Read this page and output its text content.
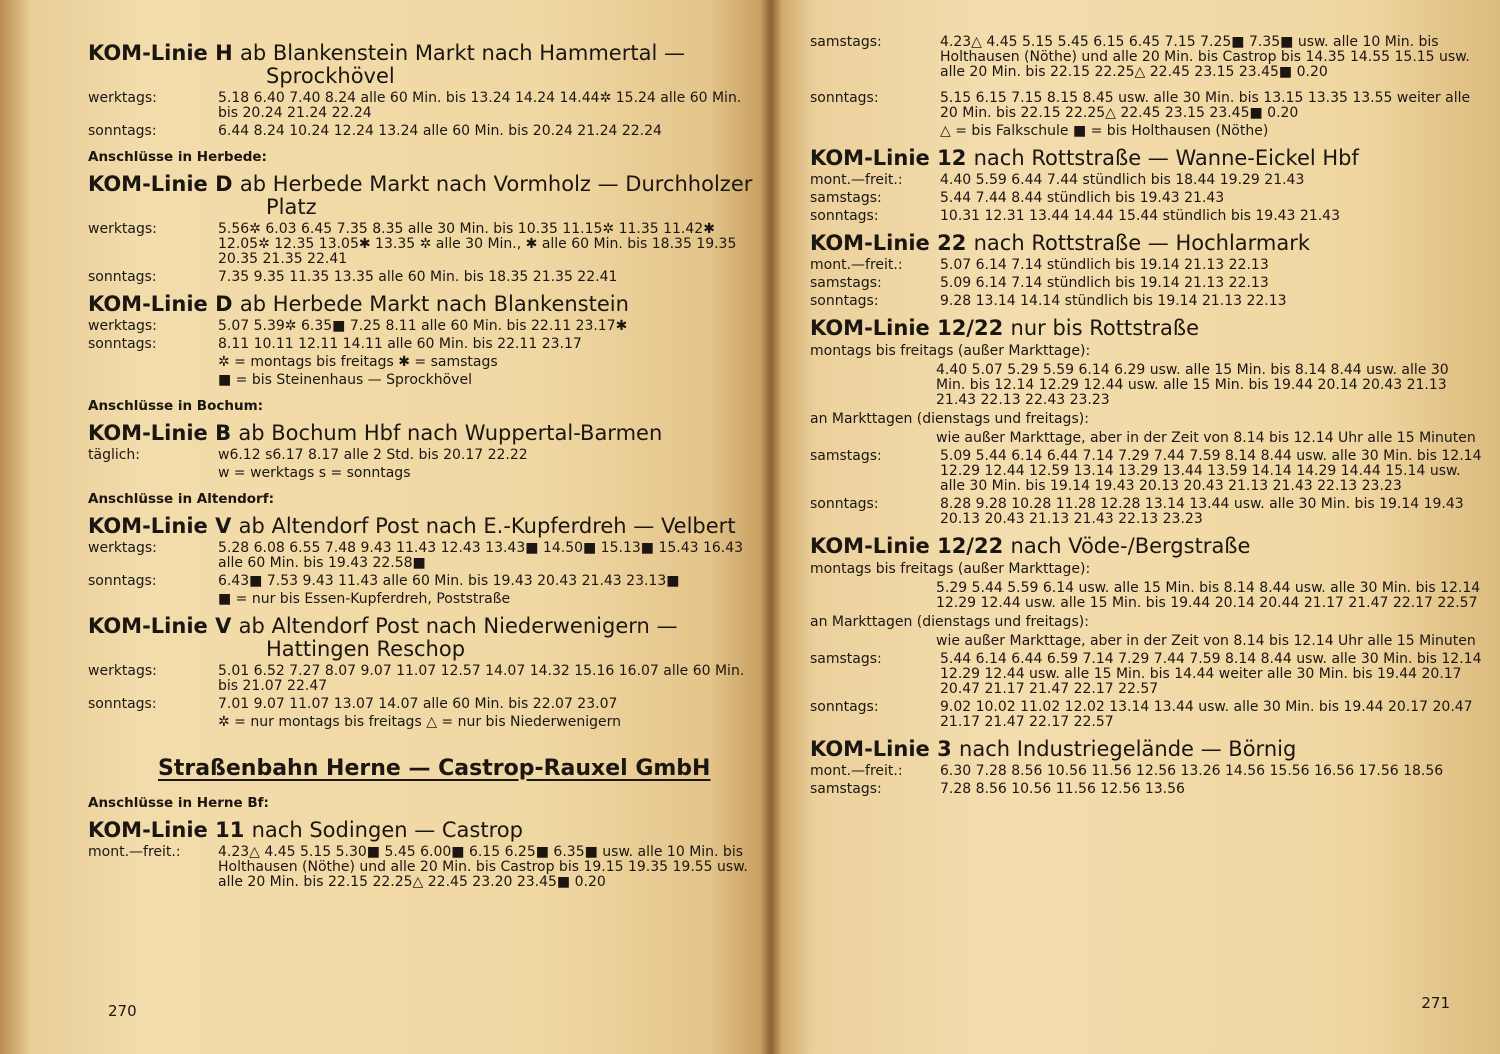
KOM-Linie H ab Blankenstein Markt nach Hammertal —
Sprockhövel
werktags:	5.18 6.40 7.40 8.24 alle 60 Min. bis 13.24 14.24 14.44✲ 15.24 alle 60 Min. bis 20.24 21.24 22.24
sonntags:	6.44 8.24 10.24 12.24 13.24 alle 60 Min. bis 20.24 21.24 22.24
Anschlüsse in Herbede:
KOM-Linie D ab Herbede Markt nach Vormholz — Durchholzer
Platz
werktags:	5.56✲ 6.03 6.45 7.35 8.35 alle 30 Min. bis 10.35 11.15✲ 11.35 11.42✱ 12.05✲ 12.35 13.05✱ 13.35 ✲ alle 30 Min., ✱ alle 60 Min. bis 18.35 19.35 20.35 21.35 22.41
sonntags:	7.35 9.35 11.35 13.35 alle 60 Min. bis 18.35 21.35 22.41
KOM-Linie D ab Herbede Markt nach Blankenstein
werktags:	5.07 5.39✲ 6.35■ 7.25 8.11 alle 60 Min. bis 22.11 23.17✱
sonntags:	8.11 10.11 12.11 14.11 alle 60 Min. bis 22.11 23.17
✲ = montags bis freitags ✱ = samstags
■ = bis Steinenhaus — Sprockhövel
Anschlüsse in Bochum:
KOM-Linie B ab Bochum Hbf nach Wuppertal-Barmen
täglich:	w6.12 s6.17 8.17 alle 2 Std. bis 20.17 22.22
w = werktags s = sonntags
Anschlüsse in Altendorf:
KOM-Linie V ab Altendorf Post nach E.-Kupferdreh — Velbert
werktags:	5.28 6.08 6.55 7.48 9.43 11.43 12.43 13.43■ 14.50■ 15.13■ 15.43 16.43 alle 60 Min. bis 19.43 22.58■
sonntags:	6.43■ 7.53 9.43 11.43 alle 60 Min. bis 19.43 20.43 21.43 23.13■
■ = nur bis Essen-Kupferdreh, Poststraße
KOM-Linie V ab Altendorf Post nach Niederwenigern —
Hattingen Reschop
werktags:	5.01 6.52 7.27 8.07 9.07 11.07 12.57 14.07 14.32 15.16 16.07 alle 60 Min. bis 21.07 22.47
sonntags:	7.01 9.07 11.07 13.07 14.07 alle 60 Min. bis 22.07 23.07
✲ = nur montags bis freitags △ = nur bis Niederwenigern
Straßenbahn Herne — Castrop-Rauxel GmbH
Anschlüsse in Herne Bf:
KOM-Linie 11 nach Sodingen — Castrop
mont.—freit.:	4.23△ 4.45 5.15 5.30■ 5.45 6.00■ 6.15 6.25■ 6.35■ usw. alle 10 Min. bis Holthausen (Nöthe) und alle 20 Min. bis Castrop bis 19.15 19.35 19.55 usw. alle 20 Min. bis 22.15 22.25△ 22.45 23.20 23.45■ 0.20
270
samstags:	4.23△ 4.45 5.15 5.45 6.15 6.45 7.15 7.25■ 7.35■ usw. alle 10 Min. bis Holthausen (Nöthe) und alle 20 Min. bis Castrop bis 14.35 14.55 15.15 usw. alle 20 Min. bis 22.15 22.25△ 22.45 23.15 23.45■ 0.20
sonntags:	5.15 6.15 7.15 8.15 8.45 usw. alle 30 Min. bis 13.15 13.35 13.55 weiter alle 20 Min. bis 22.15 22.25△ 22.45 23.15 23.45■ 0.20
△ = bis Falkschule ■ = bis Holthausen (Nöthe)
KOM-Linie 12 nach Rottstraße — Wanne-Eickel Hbf
mont.—freit.:	4.40 5.59 6.44 7.44 stündlich bis 18.44 19.29 21.43
samstags:	5.44 7.44 8.44 stündlich bis 19.43 21.43
sonntags:	10.31 12.31 13.44 14.44 15.44 stündlich bis 19.43 21.43
KOM-Linie 22 nach Rottstraße — Hochlarmark
mont.—freit.:	5.07 6.14 7.14 stündlich bis 19.14 21.13 22.13
samstags:	5.09 6.14 7.14 stündlich bis 19.14 21.13 22.13
sonntags:	9.28 13.14 14.14 stündlich bis 19.14 21.13 22.13
KOM-Linie 12/22 nur bis Rottstraße
montags bis freitags (außer Markttage):
4.40 5.07 5.29 5.59 6.14 6.29 usw. alle 15 Min. bis 8.14 8.44 usw. alle 30 Min. bis 12.14 12.29 12.44 usw. alle 15 Min. bis 19.44 20.14 20.43 21.13 21.43 22.13 22.43 23.23
an Markttagen (dienstags und freitags):
wie außer Markttage, aber in der Zeit von 8.14 bis 12.14 Uhr alle 15 Minuten
samstags:	5.09 5.44 6.14 6.44 7.14 7.29 7.44 7.59 8.14 8.44 usw. alle 30 Min. bis 12.14 12.29 12.44 12.59 13.14 13.29 13.44 13.59 14.14 14.29 14.44 15.14 usw. alle 30 Min. bis 19.14 19.43 20.13 20.43 21.13 21.43 22.13 23.23
sonntags:	8.28 9.28 10.28 11.28 12.28 13.14 13.44 usw. alle 30 Min. bis 19.14 19.43 20.13 20.43 21.13 21.43 22.13 23.23
KOM-Linie 12/22 nach Vöde-/Bergstraße
montags bis freitags (außer Markttage):
5.29 5.44 5.59 6.14 usw. alle 15 Min. bis 8.14 8.44 usw. alle 30 Min. bis 12.14 12.29 12.44 usw. alle 15 Min. bis 19.44 20.14 20.44 21.17 21.47 22.17 22.57
an Markttagen (dienstags und freitags):
wie außer Markttage, aber in der Zeit von 8.14 bis 12.14 Uhr alle 15 Minuten
samstags:	5.44 6.14 6.44 6.59 7.14 7.29 7.44 7.59 8.14 8.44 usw. alle 30 Min. bis 12.14 12.29 12.44 usw. alle 15 Min. bis 14.44 weiter alle 30 Min. bis 19.44 20.17 20.47 21.17 21.47 22.17 22.57
sonntags:	9.02 10.02 11.02 12.02 13.14 13.44 usw. alle 30 Min. bis 19.44 20.17 20.47 21.17 21.47 22.17 22.57
KOM-Linie 3 nach Industriegelände — Börnig
mont.—freit.:	6.30 7.28 8.56 10.56 11.56 12.56 13.26 14.56 15.56 16.56 17.56 18.56
samstags:	7.28 8.56 10.56 11.56 12.56 13.56
271
